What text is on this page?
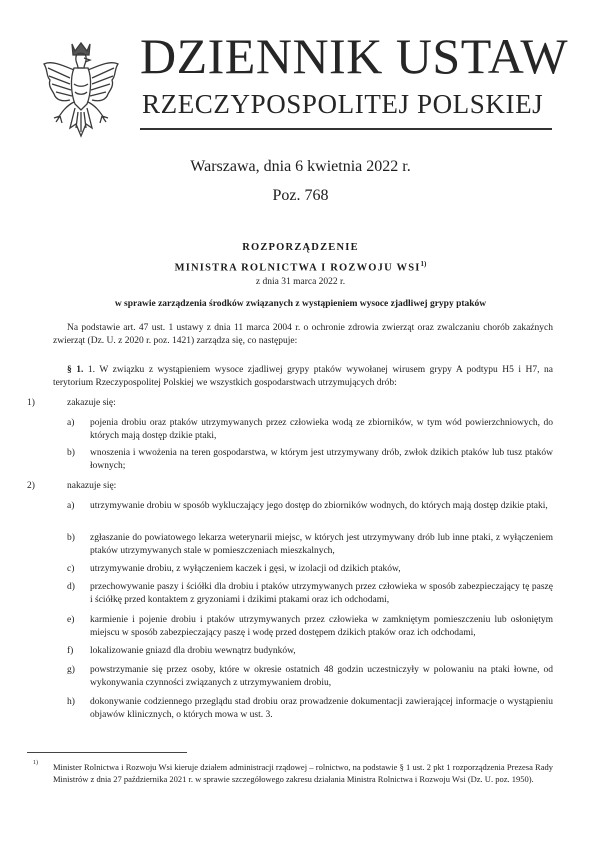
DZIENNIK USTAW
RZECZYPOSPOLITEJ POLSKIEJ
Warszawa, dnia 6 kwietnia 2022 r.
Poz. 768
ROZPORZĄDZENIE
MINISTRA ROLNICTWA I ROZWOJU WSI$^{1)}$
z dnia 31 marca 2022 r.
w sprawie zarządzenia środków związanych z wystąpieniem wysoce zjadliwej grypy ptaków
Na podstawie art. 47 ust. 1 ustawy z dnia 11 marca 2004 r. o ochronie zdrowia zwierząt oraz zwalczaniu chorób zakaźnych zwierząt (Dz. U. z 2020 r. poz. 1421) zarządza się, co następuje:
§ 1. 1. W związku z wystąpieniem wysoce zjadliwej grypy ptaków wywołanej wirusem grypy A podtypu H5 i H7, na terytorium Rzeczypospolitej Polskiej we wszystkich gospodarstwach utrzymujących drób:
1)	zakazuje się:
a) pojenia drobiu oraz ptaków utrzymywanych przez człowieka wodą ze zbiorników, w tym wód powierzchniowych, do których mają dostęp dzikie ptaki,
b) wnoszenia i wwożenia na teren gospodarstwa, w którym jest utrzymywany drób, zwłok dzikich ptaków lub tusz ptaków łownych;
2)	nakazuje się:
a) utrzymywanie drobiu w sposób wykluczający jego dostęp do zbiorników wodnych, do których mają dostęp dzikie ptaki,
b) zgłaszanie do powiatowego lekarza weterynarii miejsc, w których jest utrzymywany drób lub inne ptaki, z wyłączeniem ptaków utrzymywanych stale w pomieszczeniach mieszkalnych,
c) utrzymywanie drobiu, z wyłączeniem kaczek i gęsi, w izolacji od dzikich ptaków,
d) przechowywanie paszy i ściółki dla drobiu i ptaków utrzymywanych przez człowieka w sposób zabezpieczający tę paszę i ściółkę przed kontaktem z gryzoniami i dzikimi ptakami oraz ich odchodami,
e) karmienie i pojenie drobiu i ptaków utrzymywanych przez człowieka w zamkniętym pomieszczeniu lub osłoniętym miejscu w sposób zabezpieczający paszę i wodę przed dostępem dzikich ptaków oraz ich odchodami,
f) lokalizowanie gniazd dla drobiu wewnątrz budynków,
g) powstrzymanie się przez osoby, które w okresie ostatnich 48 godzin uczestniczyły w polowaniu na ptaki łowne, od wykonywania czynności związanych z utrzymywaniem drobiu,
h) dokonywanie codziennego przeglądu stad drobiu oraz prowadzenie dokumentacji zawierającej informacje o wystąpieniu objawów klinicznych, o których mowa w ust. 3.
1) Minister Rolnictwa i Rozwoju Wsi kieruje działem administracji rządowej – rolnictwo, na podstawie § 1 ust. 2 pkt 1 rozporządzenia Prezesa Rady Ministrów z dnia 27 października 2021 r. w sprawie szczegółowego zakresu działania Ministra Rolnictwa i Rozwoju Wsi (Dz. U. poz. 1950).
